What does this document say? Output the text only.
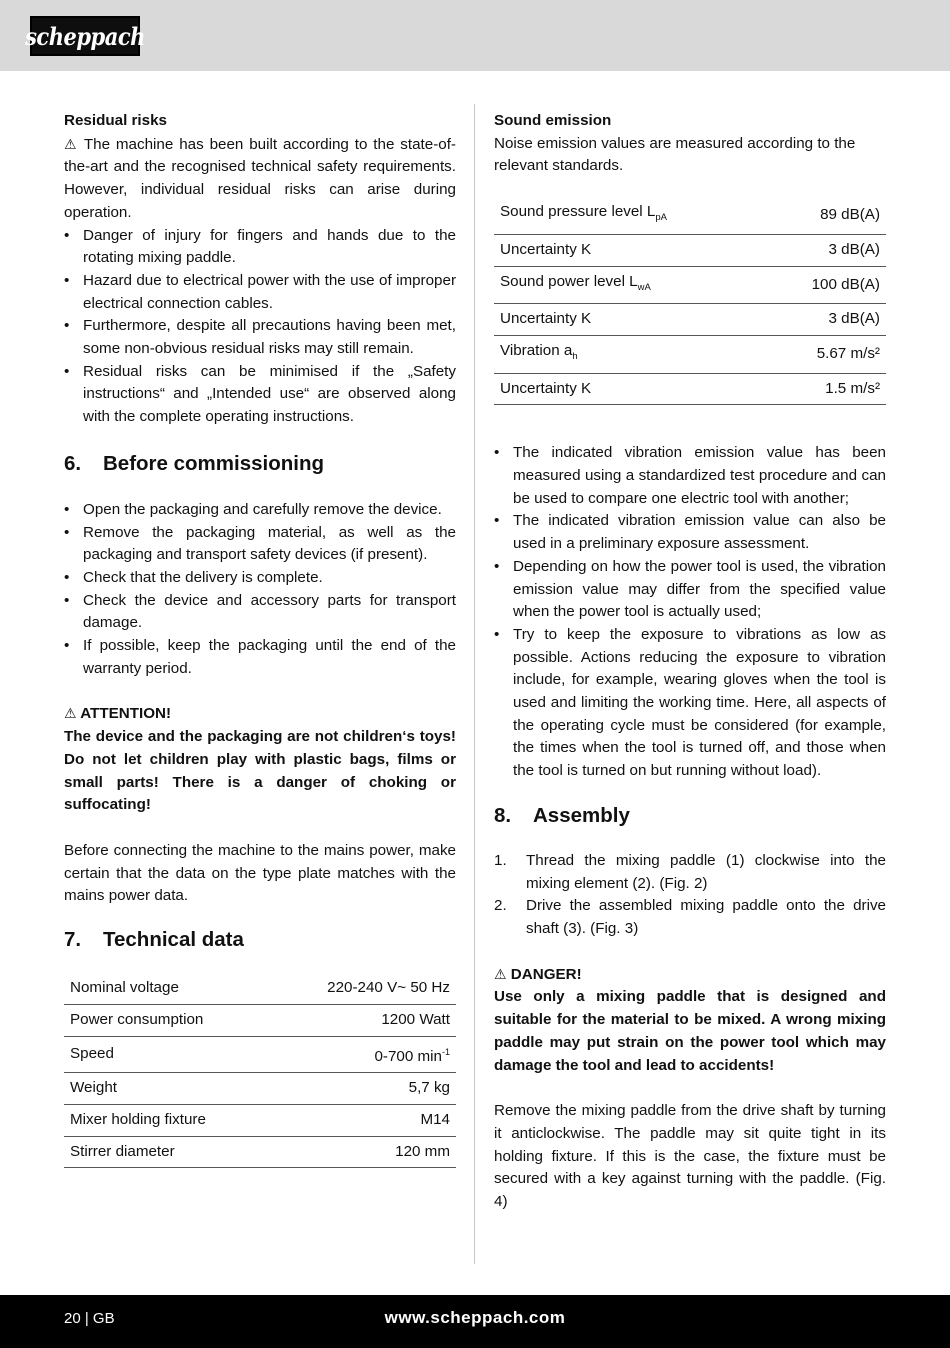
scheppach
Residual risks

⚠ The machine has been built according to the state-of-the-art and the recognised technical safety requirements. However, individual residual risks can arise during operation.

• Danger of injury for fingers and hands due to the rotating mixing paddle.
• Hazard due to electrical power with the use of improper electrical connection cables.
• Furthermore, despite all precautions having been met, some non-obvious residual risks may still remain.
• Residual risks can be minimised if the „Safety instructions“ and „Intended use“ are observed along with the complete operating instructions.
6.	Before commissioning
• Open the packaging and carefully remove the device.
• Remove the packaging material, as well as the packaging and transport safety devices (if present).
• Check that the delivery is complete.
• Check the device and accessory parts for transport damage.
• If possible, keep the packaging until the end of the warranty period.
⚠ ATTENTION!

The device and the packaging are not children‘s toys! Do not let children play with plastic bags, films or small parts! There is a danger of choking or suffocating!

Before connecting the machine to the mains power, make certain that the data on the type plate matches with the mains power data.

7.	Technical data
Nominal voltage	220-240 V~ 50 Hz
Power consumption	1200 Watt
Speed	0-700 $\min^{-1}$
Weight	5,7 kg
Mixer holding fixture	M14
Stirrer diameter	120 mm
Sound emission

Noise emission values are measured according to the relevant standards.

Sound pressure level $L_{pA}$	89 dB(A)
Uncertainty K	3 dB(A)
Sound power level $L_{wA}$	100 dB(A)
Uncertainty K	3 dB(A)
Vibration $a_h$	5.67 m/s²
Uncertainty K	1.5 m/s²
• The indicated vibration emission value has been measured using a standardized test procedure and can be used to compare one electric tool with another;
• The indicated vibration emission value can also be used in a preliminary exposure assessment.
• Depending on how the power tool is used, the vibration emission value may differ from the specified value when the power tool is actually used;
• Try to keep the exposure to vibrations as low as possible. Actions reducing the exposure to vibration include, for example, wearing gloves when the tool is used and limiting the working time. Here, all aspects of the operating cycle must be considered (for example, the times when the tool is turned off, and those when the tool is turned on but running without load).
8.	Assembly
1. Thread the mixing paddle (1) clockwise into the mixing element (2). (Fig. 2)
2. Drive the assembled mixing paddle onto the drive shaft (3). (Fig. 3)
⚠ DANGER!

Use only a mixing paddle that is designed and suitable for the material to be mixed. A wrong mixing paddle may put strain on the power tool which may damage the tool and lead to accidents!

Remove the mixing paddle from the drive shaft by turning it anticlockwise. The paddle may sit quite tight in its holding fixture. If this is the case, the fixture must be secured with a key against turning with the paddle. (Fig. 4)

20 | GB	www.scheppach.com
